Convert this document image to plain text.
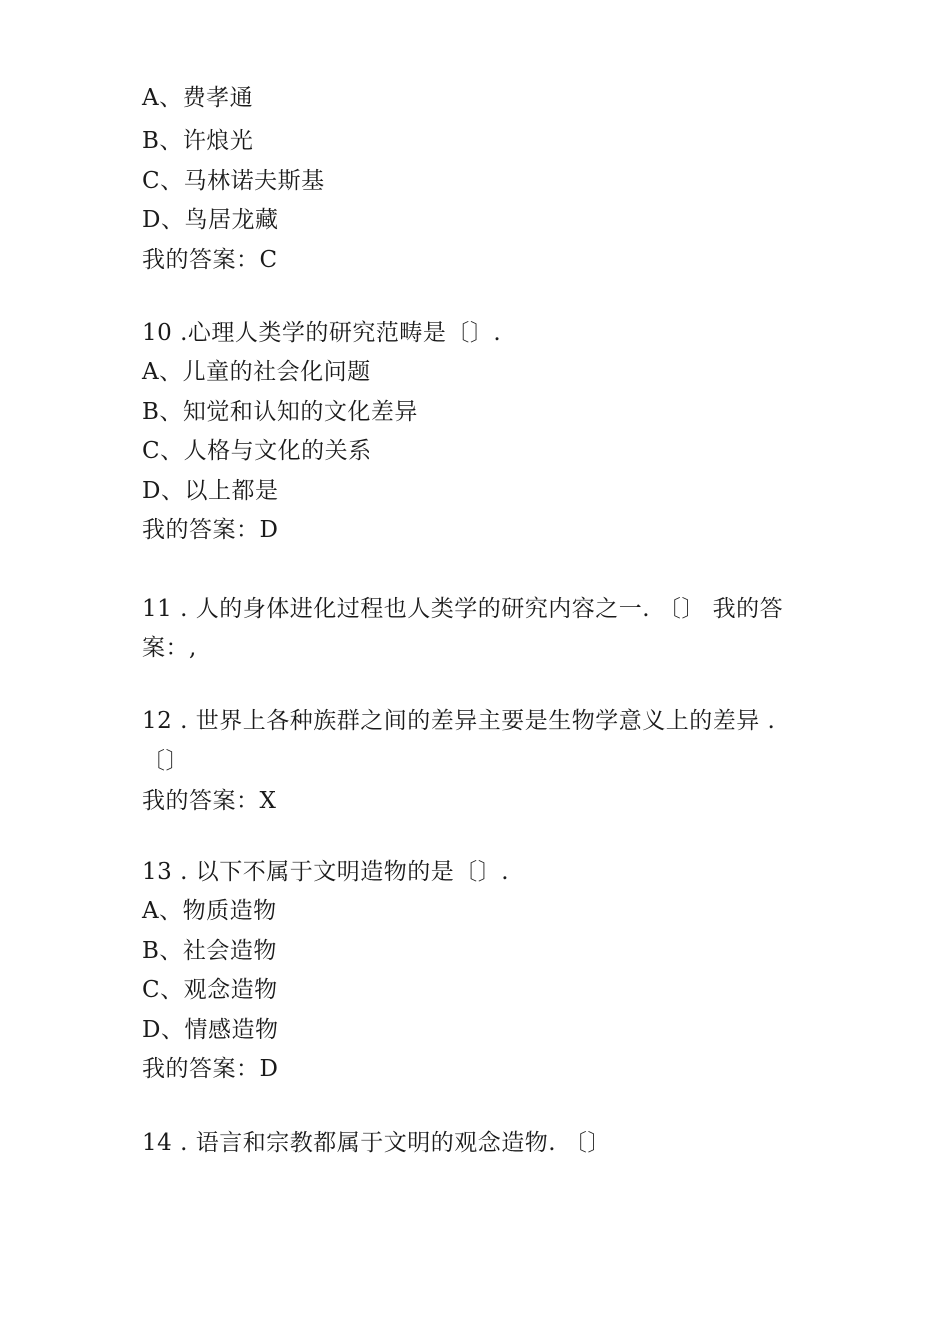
A、费孝通
B、许烺光
C、马林诺夫斯基
D、鸟居龙藏
我的答案：C
10 .心理人类学的研究范畴是〔〕.
A、儿童的社会化问题
B、知觉和认知的文化差异
C、人格与文化的关系
D、以上都是
我的答案：D
11 . 人的身体进化过程也人类学的研究内容之一. 〔〕 我的答
案：,
12 . 世界上各种族群之间的差异主要是生物学意义上的差异 .
〔〕
我的答案：X
13 . 以下不属于文明造物的是〔〕.
A、物质造物
B、社会造物
C、观念造物
D、情感造物
我的答案：D
14 . 语言和宗教都属于文明的观念造物. 〔〕
